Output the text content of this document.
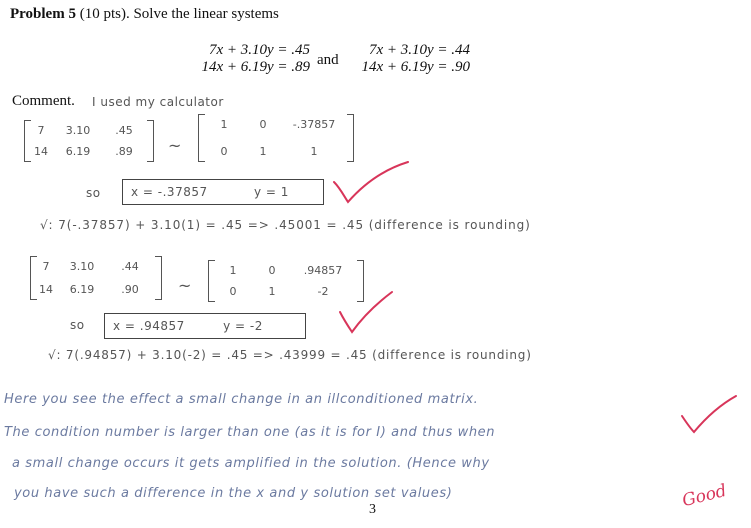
Problem 5 (10 pts). Solve the linear systems
7x + 3.10y = .45
14x + 6.19y = .89 and
7x + 3.10y = .44
14x + 6.19y = .90
Comment. I used my calculator
7	3.10	.45
14	6.19	.89	~
1	0	-.37857
0	1	1
so	x = -.37857	y = 1
√: 7(-.37857) + 3.10(1) = .45 => .45001 = .45 (difference is rounding)
7	3.10	.44
14	6.19	.90	~
1	0	.94857
0	1	-2
so	x = .94857	y = -2
√: 7(.94857) + 3.10(-2) = .45 => .43999 = .45 (difference is rounding)
Here you see the effect a small change in an illconditioned matrix.
The condition number is larger than one (as it is for I) and thus when
a small change occurs it gets amplified in the solution. (Hence why
you have such a difference in the x and y solution set values)	Good
3
